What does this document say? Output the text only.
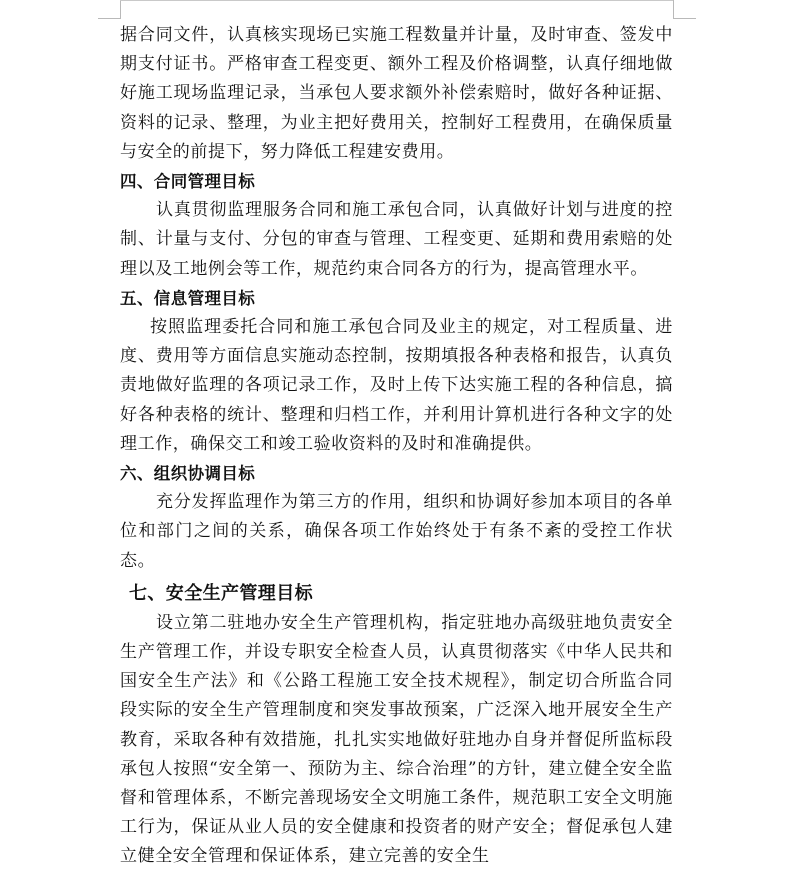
据合同文件，认真核实现场已实施工程数量并计量，及时审查、签发中期支付证书。严格审查工程变更、额外工程及价格调整，认真仔细地做好施工现场监理记录，当承包人要求额外补偿索赔时，做好各种证据、资料的记录、整理，为业主把好费用关，控制好工程费用，在确保质量与安全的前提下，努力降低工程建安费用。

四、合同管理目标

认真贯彻监理服务合同和施工承包合同，认真做好计划与进度的控制、计量与支付、分包的审查与管理、工程变更、延期和费用索赔的处理以及工地例会等工作，规范约束合同各方的行为，提高管理水平。

五、信息管理目标

按照监理委托合同和施工承包合同及业主的规定，对工程质量、进度、费用等方面信息实施动态控制，按期填报各种表格和报告，认真负责地做好监理的各项记录工作，及时上传下达实施工程的各种信息，搞好各种表格的统计、整理和归档工作，并利用计算机进行各种文字的处理工作，确保交工和竣工验收资料的及时和准确提供。

六、组织协调目标

充分发挥监理作为第三方的作用，组织和协调好参加本项目的各单位和部门之间的关系，确保各项工作始终处于有条不紊的受控工作状态。

七、安全生产管理目标

设立第二驻地办安全生产管理机构，指定驻地办高级驻地负责安全生产管理工作，并设专职安全检查人员，认真贯彻落实《中华人民共和国安全生产法》和《公路工程施工安全技术规程》，制定切合所监合同段实际的安全生产管理制度和突发事故预案，广泛深入地开展安全生产教育，采取各种有效措施，扎扎实实地做好驻地办自身并督促所监标段承包人按照“安全第一、预防为主、综合治理”的方针，建立健全安全监督和管理体系，不断完善现场安全文明施工条件，规范职工安全文明施工行为，保证从业人员的安全健康和投资者的财产安全；督促承包人建立健全安全管理和保证体系，建立完善的安全生
